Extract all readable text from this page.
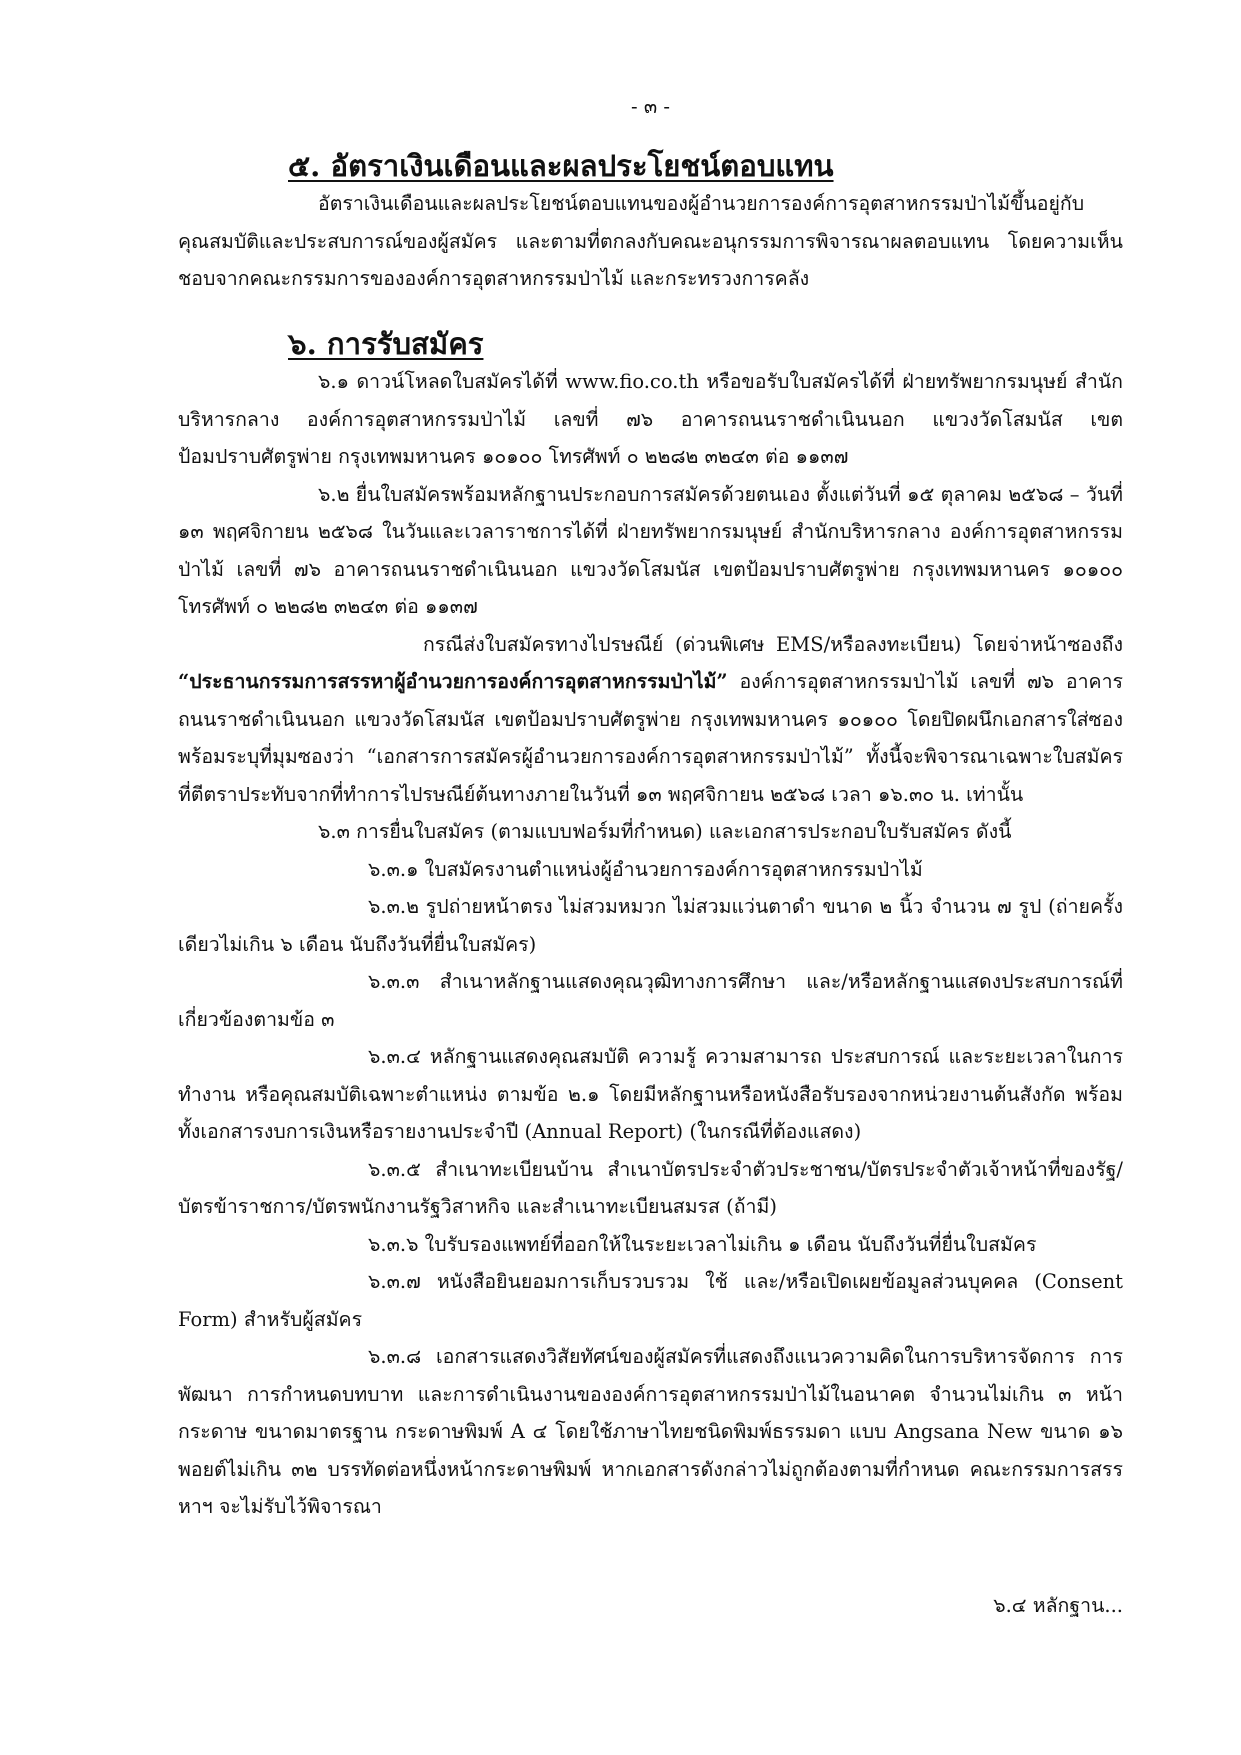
- ๓ -
๕. อัตราเงินเดือนและผลประโยชน์ตอบแทน

อัตราเงินเดือนและผลประโยชน์ตอบแทนของผู้อำนวยการองค์การอุตสาหกรรมป่าไม้ขึ้นอยู่กับคุณสมบัติและประสบการณ์ของผู้สมัคร และตามที่ตกลงกับคณะอนุกรรมการพิจารณาผลตอบแทน โดยความเห็นชอบจากคณะกรรมการขององค์การอุตสาหกรรมป่าไม้ และกระทรวงการคลัง

๖. การรับสมัคร

๖.๑ ดาวน์โหลดใบสมัครได้ที่ www.fio.co.th หรือขอรับใบสมัครได้ที่ ฝ่ายทรัพยากรมนุษย์ สำนักบริหารกลาง องค์การอุตสาหกรรมป่าไม้ เลขที่ ๗๖ อาคารถนนราชดำเนินนอก แขวงวัดโสมนัส เขตป้อมปราบศัตรูพ่าย กรุงเทพมหานคร ๑๐๑๐๐ โทรศัพท์ ๐ ๒๒๘๒ ๓๒๔๓ ต่อ ๑๑๓๗

๖.๒ ยื่นใบสมัครพร้อมหลักฐานประกอบการสมัครด้วยตนเอง ตั้งแต่วันที่ ๑๕ ตุลาคม ๒๕๖๘ – วันที่ ๑๓ พฤศจิกายน ๒๕๖๘ ในวันและเวลาราชการได้ที่ ฝ่ายทรัพยากรมนุษย์ สำนักบริหารกลาง องค์การอุตสาหกรรมป่าไม้ เลขที่ ๗๖ อาคารถนนราชดำเนินนอก แขวงวัดโสมนัส เขตป้อมปราบศัตรูพ่าย กรุงเทพมหานคร ๑๐๑๐๐ โทรศัพท์ ๐ ๒๒๘๒ ๓๒๔๓ ต่อ ๑๑๓๗

กรณีส่งใบสมัครทางไปรษณีย์ (ด่วนพิเศษ EMS/หรือลงทะเบียน) โดยจ่าหน้าซองถึง “ประธานกรรมการสรรหาผู้อำนวยการองค์การอุตสาหกรรมป่าไม้” องค์การอุตสาหกรรมป่าไม้ เลขที่ ๗๖ อาคารถนนราชดำเนินนอก แขวงวัดโสมนัส เขตป้อมปราบศัตรูพ่าย กรุงเทพมหานคร ๑๐๑๐๐ โดยปิดผนึกเอกสารใส่ซองพร้อมระบุที่มุมซองว่า “เอกสารการสมัครผู้อำนวยการองค์การอุตสาหกรรมป่าไม้” ทั้งนี้จะพิจารณาเฉพาะใบสมัครที่ตีตราประทับจากที่ทำการไปรษณีย์ต้นทางภายในวันที่ ๑๓ พฤศจิกายน ๒๕๖๘ เวลา ๑๖.๓๐ น. เท่านั้น

๖.๓ การยื่นใบสมัคร (ตามแบบฟอร์มที่กำหนด) และเอกสารประกอบใบรับสมัคร ดังนี้

๖.๓.๑ ใบสมัครงานตำแหน่งผู้อำนวยการองค์การอุตสาหกรรมป่าไม้

๖.๓.๒ รูปถ่ายหน้าตรง ไม่สวมหมวก ไม่สวมแว่นตาดำ ขนาด ๒ นิ้ว จำนวน ๗ รูป (ถ่ายครั้งเดียวไม่เกิน ๖ เดือน นับถึงวันที่ยื่นใบสมัคร)

๖.๓.๓ สำเนาหลักฐานแสดงคุณวุฒิทางการศึกษา และ/หรือหลักฐานแสดงประสบการณ์ที่เกี่ยวข้องตามข้อ ๓

๖.๓.๔ หลักฐานแสดงคุณสมบัติ ความรู้ ความสามารถ ประสบการณ์ และระยะเวลาในการทำงาน หรือคุณสมบัติเฉพาะตำแหน่ง ตามข้อ ๒.๑ โดยมีหลักฐานหรือหนังสือรับรองจากหน่วยงานต้นสังกัด พร้อมทั้งเอกสารงบการเงินหรือรายงานประจำปี (Annual Report) (ในกรณีที่ต้องแสดง)

๖.๓.๕ สำเนาทะเบียนบ้าน สำเนาบัตรประจำตัวประชาชน/บัตรประจำตัวเจ้าหน้าที่ของรัฐ/บัตรข้าราชการ/บัตรพนักงานรัฐวิสาหกิจ และสำเนาทะเบียนสมรส (ถ้ามี)

๖.๓.๖ ใบรับรองแพทย์ที่ออกให้ในระยะเวลาไม่เกิน ๑ เดือน นับถึงวันที่ยื่นใบสมัคร

๖.๓.๗ หนังสือยินยอมการเก็บรวบรวม ใช้ และ/หรือเปิดเผยข้อมูลส่วนบุคคล (Consent Form) สำหรับผู้สมัคร

๖.๓.๘ เอกสารแสดงวิสัยทัศน์ของผู้สมัครที่แสดงถึงแนวความคิดในการบริหารจัดการ การพัฒนา การกำหนดบทบาท และการดำเนินงานขององค์การอุตสาหกรรมป่าไม้ในอนาคต จำนวนไม่เกิน ๓ หน้ากระดาษ ขนาดมาตรฐาน กระดาษพิมพ์ A ๔ โดยใช้ภาษาไทยชนิดพิมพ์ธรรมดา แบบ Angsana New ขนาด ๑๖ พอยต์ไม่เกิน ๓๒ บรรทัดต่อหนึ่งหน้ากระดาษพิมพ์ หากเอกสารดังกล่าวไม่ถูกต้องตามที่กำหนด คณะกรรมการสรรหาฯ จะไม่รับไว้พิจารณา

๖.๔ หลักฐาน...
